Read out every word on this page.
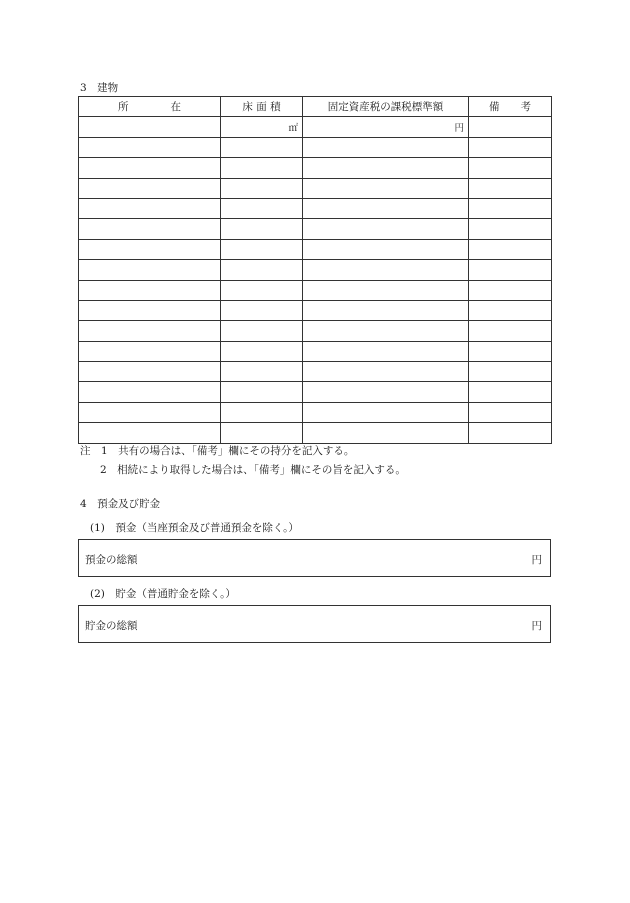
3　建物
所　　　　在	床 面 積	固定資産税の課税標準額	備　　考
	㎡	円	

注　1　共有の場合は、「備考」欄にその持分を記入する。
2　相続により取得した場合は、「備考」欄にその旨を記入する。
4　預金及び貯金
(1)　預金（当座預金及び普通預金を除く。）
預金の総額	円
(2)　貯金（普通貯金を除く。）
貯金の総額	円
